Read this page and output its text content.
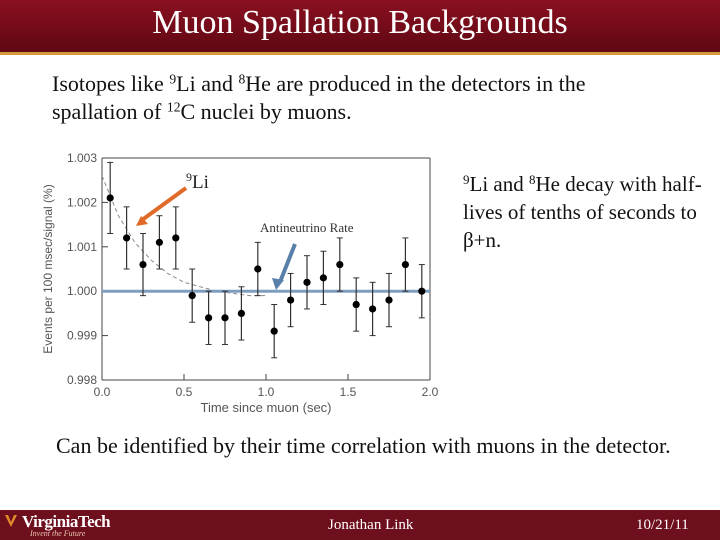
Muon Spallation Backgrounds
Isotopes like $^9$Li and $^8$He are produced in the detectors in the spallation of $^{12}$C nuclei by muons.
0.998
0.999
1.000
1.001
1.002
1.003
0.0	0.5	1.0	1.5	2.0
Events per 100 msec/signal (%)
Time since muon (sec)
$^9$Li
Antineutrino Rate
$^9$Li and $^8$He decay with half-lives of tenths of seconds to β+n.
Can be identified by their time correlation with muons in the detector.
VirginiaTech
Invent the Future
Jonathan Link	10/21/11
